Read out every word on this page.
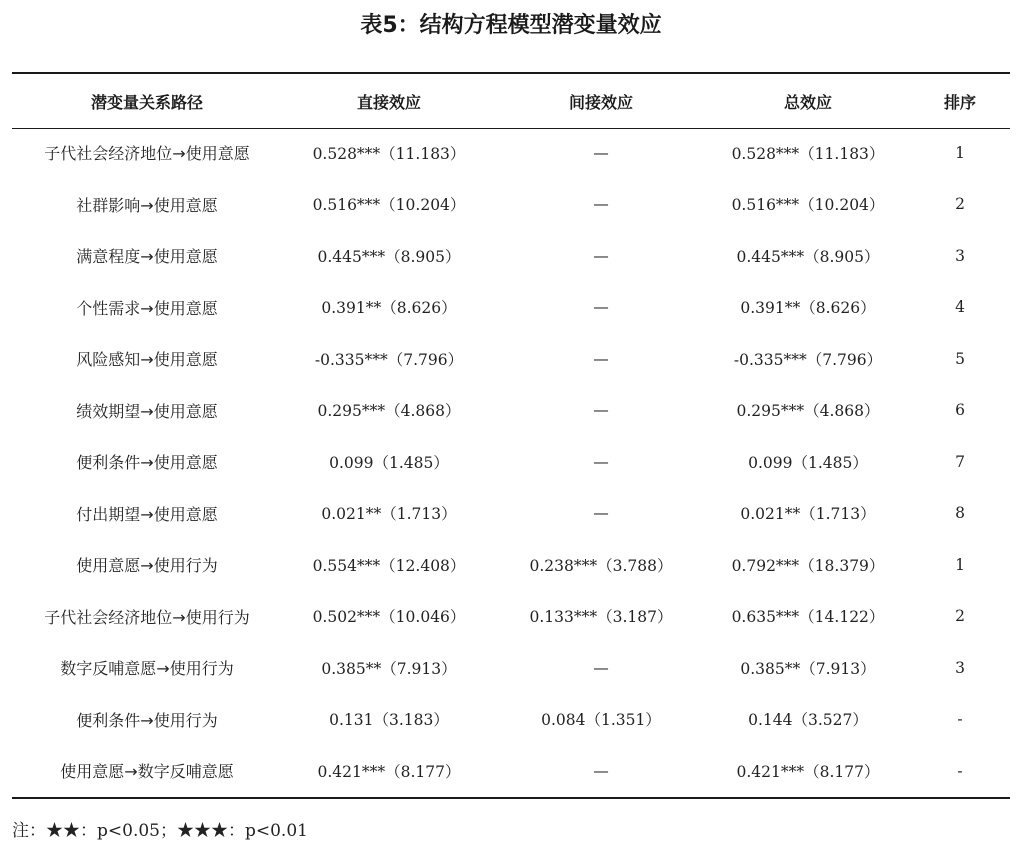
表5：结构方程模型潜变量效应
潜变量关系路径	直接效应	间接效应	总效应	排序
子代社会经济地位→使用意愿	0.528***（11.183）	—	0.528***（11.183）	1
社群影响→使用意愿	0.516***（10.204）	—	0.516***（10.204）	2
满意程度→使用意愿	0.445***（8.905）	—	0.445***（8.905）	3
个性需求→使用意愿	0.391**（8.626）	—	0.391**（8.626）	4
风险感知→使用意愿	-0.335***（7.796）	—	-0.335***（7.796）	5
绩效期望→使用意愿	0.295***（4.868）	—	0.295***（4.868）	6
便利条件→使用意愿	0.099（1.485）	—	0.099（1.485）	7
付出期望→使用意愿	0.021**（1.713）	—	0.021**（1.713）	8
使用意愿→使用行为	0.554***（12.408）	0.238***（3.788）	0.792***（18.379）	1
子代社会经济地位→使用行为	0.502***（10.046）	0.133***（3.187）	0.635***（14.122）	2
数字反哺意愿→使用行为	0.385**（7.913）	—	0.385**（7.913）	3
便利条件→使用行为	0.131（3.183）	0.084（1.351）	0.144（3.527）	-
使用意愿→数字反哺意愿	0.421***（8.177）	—	0.421***（8.177）	-
注：★★：p<0.05；★★★：p<0.01
